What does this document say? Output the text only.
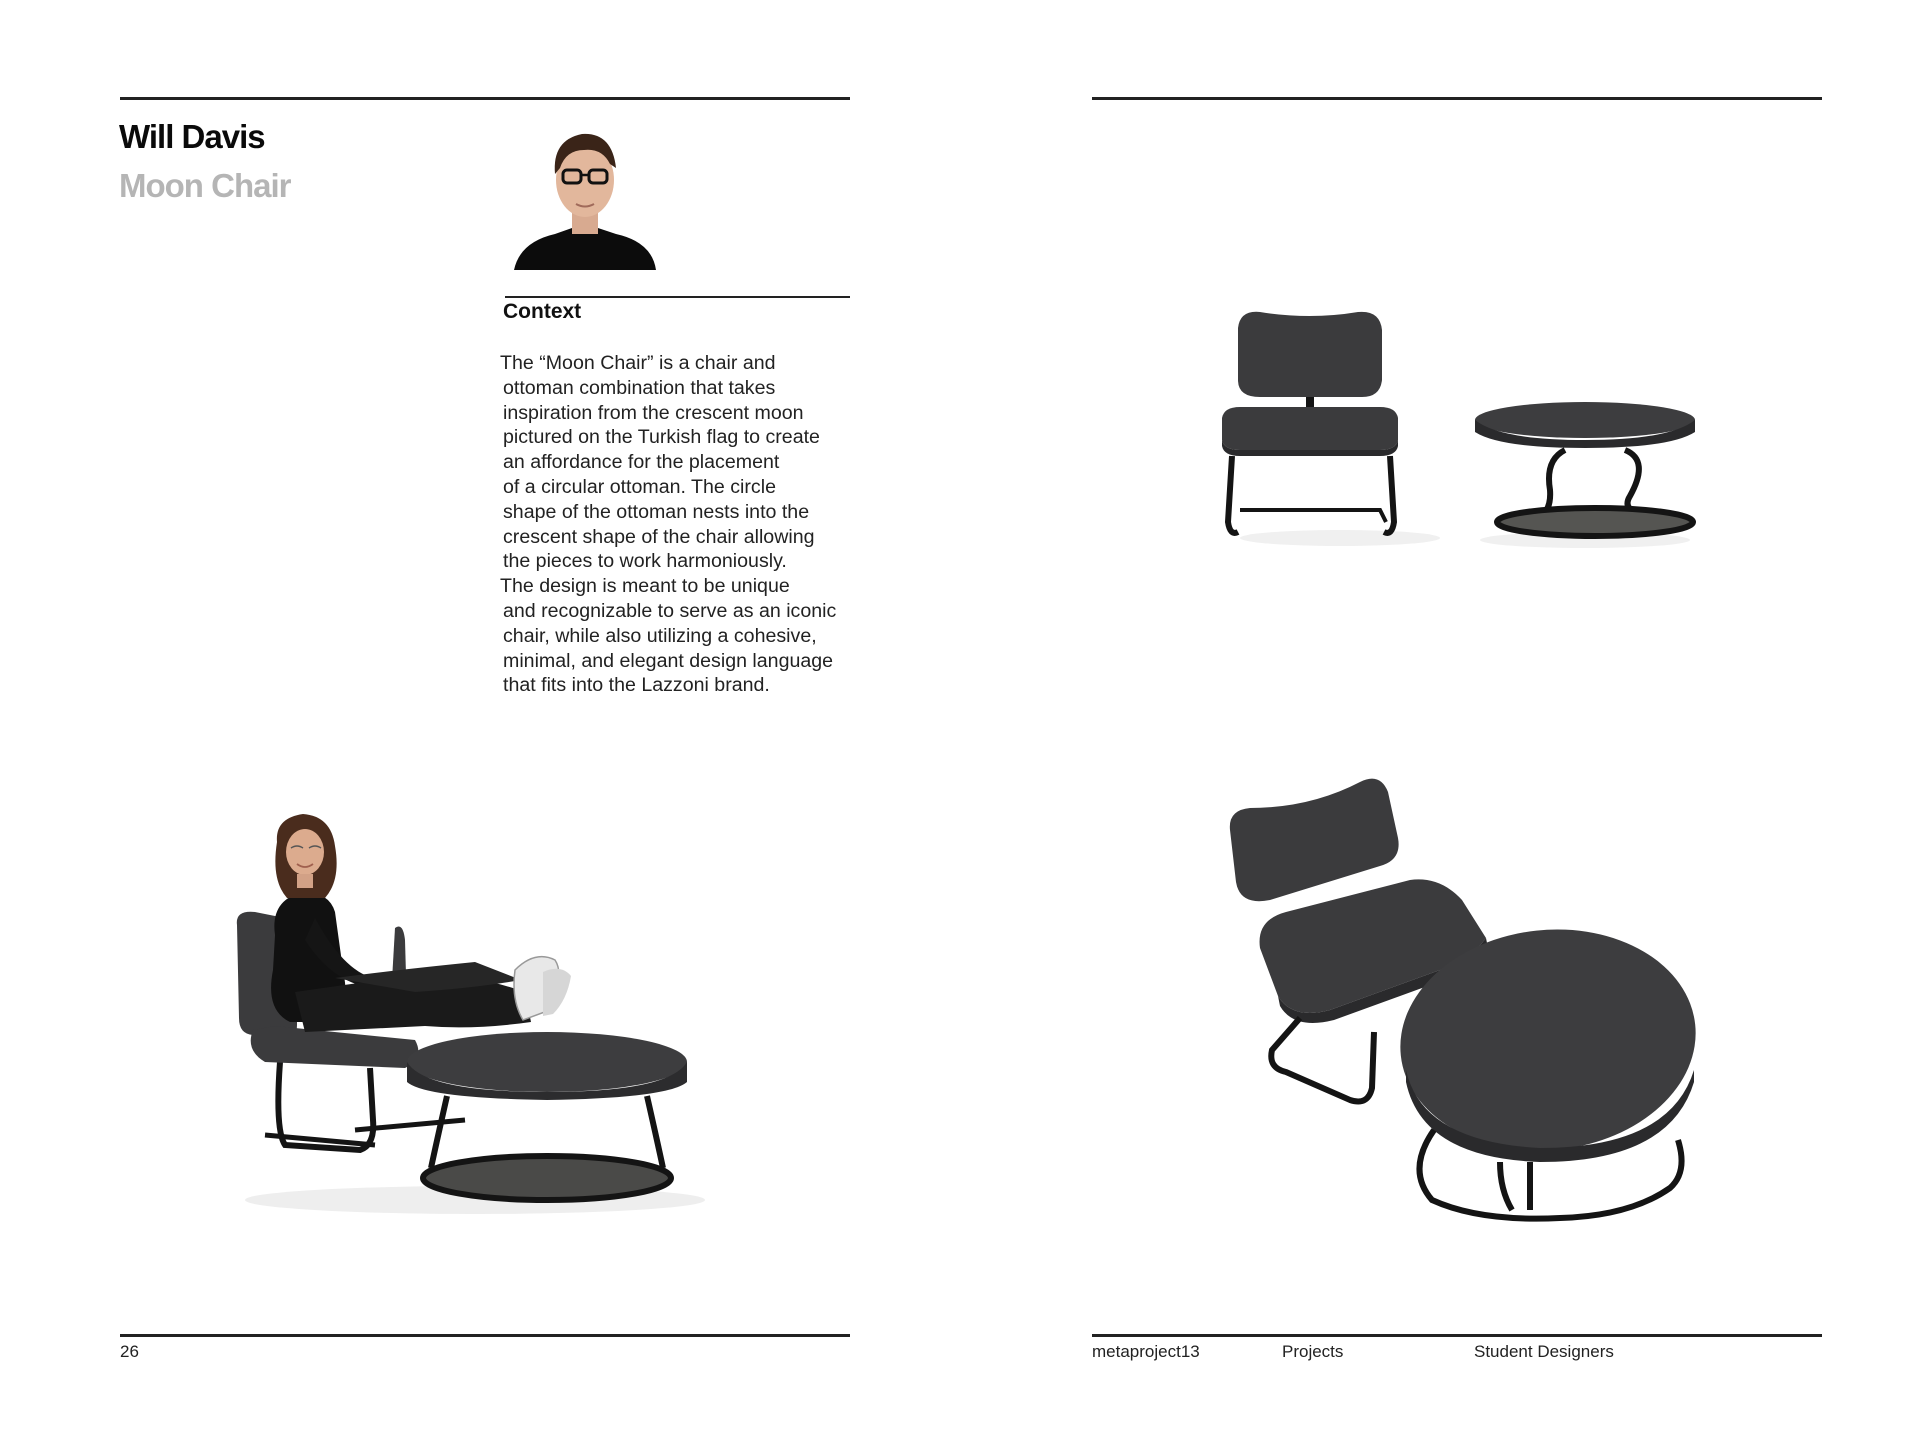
Will Davis
Moon Chair
Context
The “Moon Chair” is a chair and
ottoman combination that takes
inspiration from the crescent moon
pictured on the Turkish flag to create
an affordance for the placement
of a circular ottoman. The circle
shape of the ottoman nests into the
crescent shape of the chair allowing
the pieces to work harmoniously.
The design is meant to be unique
and recognizable to serve as an iconic
chair, while also utilizing a cohesive,
minimal, and elegant design language
that fits into the Lazzoni brand.
26	metaproject13	Projects	Student Designers
